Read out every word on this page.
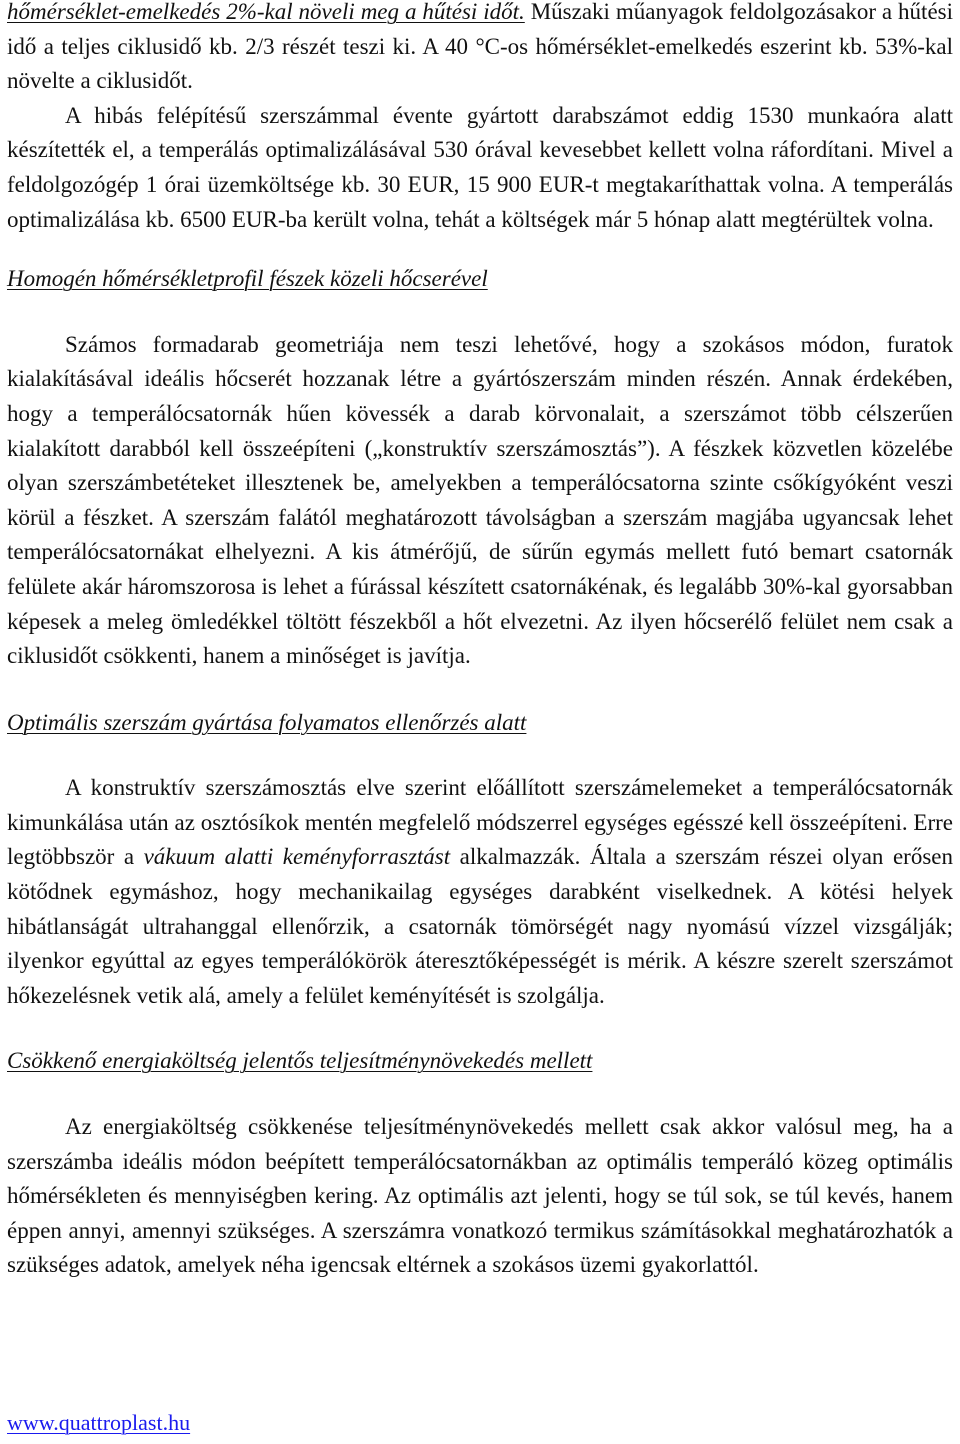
hőmérséklet-emelkedés 2%-kal növeli meg a hűtési időt. Műszaki műanyagok feldolgozásakor a hűtési idő a teljes ciklusidő kb. 2/3 részét teszi ki. A 40 °C-os hőmérséklet-emelkedés eszerint kb. 53%-kal növelte a ciklusidőt.

A hibás felépítésű szerszámmal évente gyártott darabszámot eddig 1530 munkaóra alatt készítették el, a temperálás optimalizálásával 530 órával kevesebbet kellett volna ráfordítani. Mivel a feldolgozógép 1 órai üzemköltsége kb. 30 EUR, 15 900 EUR-t megtakaríthattak volna. A temperálás optimalizálása kb. 6500 EUR-ba került volna, tehát a költségek már 5 hónap alatt megtérültek volna.

Homogén hőmérsékletprofil fészek közeli hőcserével

Számos formadarab geometriája nem teszi lehetővé, hogy a szokásos módon, furatok kialakításával ideális hőcserét hozzanak létre a gyártószerszám minden részén. Annak érdekében, hogy a temperálócsatornák hűen kövessék a darab körvonalait, a szerszámot több célszerűen kialakított darabból kell összeépíteni („konstruktív szerszámosztás”). A fészkek közvetlen közelébe olyan szerszámbetéteket illesztenek be, amelyekben a temperálócsatorna szinte csőkígyóként veszi körül a fészket. A szerszám falától meghatározott távolságban a szerszám magjába ugyancsak lehet temperálócsatornákat elhelyezni. A kis átmérőjű, de sűrűn egymás mellett futó bemart csatornák felülete akár háromszorosa is lehet a fúrással készített csatornákénak, és legalább 30%-kal gyorsabban képesek a meleg ömledékkel töltött fészekből a hőt elvezetni. Az ilyen hőcserélő felület nem csak a ciklusidőt csökkenti, hanem a minőséget is javítja.

Optimális szerszám gyártása folyamatos ellenőrzés alatt

A konstruktív szerszámosztás elve szerint előállított szerszámelemeket a temperálócsatornák kimunkálása után az osztósíkok mentén megfelelő módszerrel egységes egésszé kell összeépíteni. Erre legtöbbször a vákuum alatti keményforrasztást alkalmazzák. Általa a szerszám részei olyan erősen kötődnek egymáshoz, hogy mechanikailag egységes darabként viselkednek. A kötési helyek hibátlanságát ultrahanggal ellenőrzik, a csatornák tömörségét nagy nyomású vízzel vizsgálják; ilyenkor egyúttal az egyes temperálókörök áteresztőképességét is mérik. A készre szerelt szerszámot hőkezelésnek vetik alá, amely a felület keményítését is szolgálja.

Csökkenő energiaköltség jelentős teljesítménynövekedés mellett

Az energiaköltség csökkenése teljesítménynövekedés mellett csak akkor valósul meg, ha a szerszámba ideális módon beépített temperálócsatornákban az optimális temperáló közeg optimális hőmérsékleten és mennyiségben kering. Az optimális azt jelenti, hogy se túl sok, se túl kevés, hanem éppen annyi, amennyi szükséges. A szerszámra vonatkozó termikus számításokkal meghatározhatók a szükséges adatok, amelyek néha igencsak eltérnek a szokásos üzemi gyakorlattól.

www.quattroplast.hu
